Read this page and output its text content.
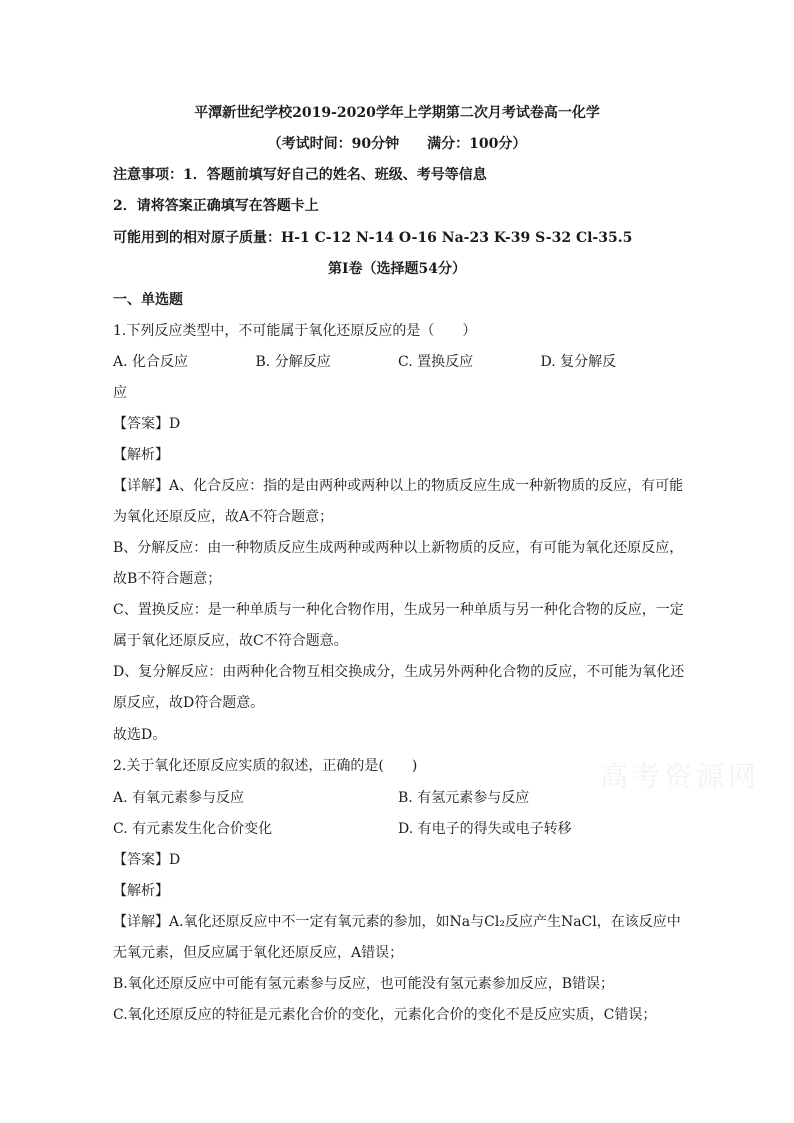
平潭新世纪学校2019-2020学年上学期第二次月考试卷高一化学
（考试时间：90分钟　　满分：100分）
注意事项：1．答题前填写好自己的姓名、班级、考号等信息
2．请将答案正确填写在答题卡上
可能用到的相对原子质量：H-1 C-12 N-14 O-16 Na-23 K-39 S-32 Cl-35.5
第I卷（选择题54分）
一、单选题
1.下列反应类型中，不可能属于氧化还原反应的是（　　）
A. 化合反应	B. 分解反应	C. 置换反应	D. 复分解反
应
【答案】D
【解析】
【详解】A、化合反应：指的是由两种或两种以上的物质反应生成一种新物质的反应，有可能
为氧化还原反应，故A不符合题意；
B、分解反应：由一种物质反应生成两种或两种以上新物质的反应，有可能为氧化还原反应，
故B不符合题意；
C、置换反应：是一种单质与一种化合物作用，生成另一种单质与另一种化合物的反应，一定
属于氧化还原反应，故C不符合题意。
D、复分解反应：由两种化合物互相交换成分，生成另外两种化合物的反应，不可能为氧化还
原反应，故D符合题意。
故选D。
2.关于氧化还原反应实质的叙述，正确的是(　　)
A. 有氧元素参与反应	B. 有氢元素参与反应
C. 有元素发生化合价变化	D. 有电子的得失或电子转移
【答案】D
【解析】
【详解】A.氧化还原反应中不一定有氧元素的参加，如Na与Cl₂反应产生NaCl，在该反应中
无氧元素，但反应属于氧化还原反应，A错误；
B.氧化还原反应中可能有氢元素参与反应，也可能没有氢元素参加反应，B错误；
C.氧化还原反应的特征是元素化合价的变化，元素化合价的变化不是反应实质，C错误；
高考资源网
